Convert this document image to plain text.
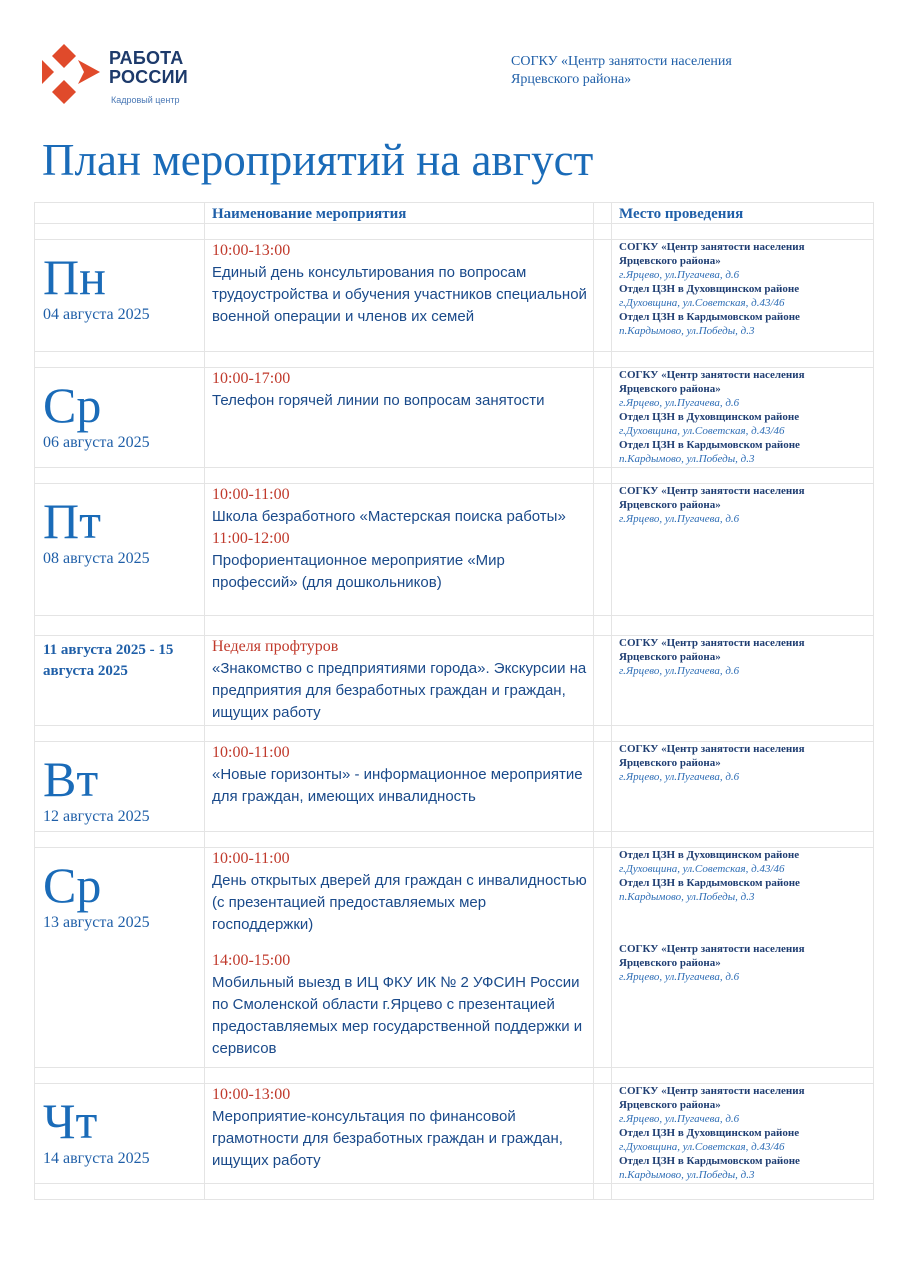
РАБОТА
РОССИИ
Кадровый центр
СОГКУ «Центр занятости населения
Ярцевского района»
План мероприятий на август
Наименование мероприятия	Место проведения
Пн
04 августа 2025
10:00-13:00
Единый день консультирования по вопросам трудоустройства и обучения участников специальной военной операции и членов их семей
СОГКУ «Центр занятости населения
Ярцевского района»
г.Ярцево, ул.Пугачева, д.6
Отдел ЦЗН в Духовщинском районе
г.Духовщина, ул.Советская, д.43/46
Отдел ЦЗН в Кардымовском районе
п.Кардымово, ул.Победы, д.3
Ср
06 августа 2025
10:00-17:00
Телефон горячей линии по вопросам занятости
СОГКУ «Центр занятости населения
Ярцевского района»
г.Ярцево, ул.Пугачева, д.6
Отдел ЦЗН в Духовщинском районе
г.Духовщина, ул.Советская, д.43/46
Отдел ЦЗН в Кардымовском районе
п.Кардымово, ул.Победы, д.3
Пт
08 августа 2025
10:00-11:00
Школа безработного «Мастерская поиска работы»
11:00-12:00
Профориентационное мероприятие «Мир профессий» (для дошкольников)
СОГКУ «Центр занятости населения
Ярцевского района»
г.Ярцево, ул.Пугачева, д.6
11 августа 2025 - 15 августа 2025
Неделя профтуров
«Знакомство с предприятиями города». Экскурсии на предприятия для безработных граждан и граждан, ищущих работу
СОГКУ «Центр занятости населения
Ярцевского района»
г.Ярцево, ул.Пугачева, д.6
Вт
12 августа 2025
10:00-11:00
«Новые горизонты» - информационное мероприятие для граждан, имеющих инвалидность
СОГКУ «Центр занятости населения
Ярцевского района»
г.Ярцево, ул.Пугачева, д.6
Ср
13 августа 2025
10:00-11:00
День открытых дверей для граждан с инвалидностью (с презентацией предоставляемых мер господдержки)
14:00-15:00
Мобильный выезд в ИЦ ФКУ ИК № 2 УФСИН России по Смоленской области г.Ярцево с презентацией предоставляемых мер государственной поддержки и сервисов
Отдел ЦЗН в Духовщинском районе
г.Духовщина, ул.Советская, д.43/46
Отдел ЦЗН в Кардымовском районе
п.Кардымово, ул.Победы, д.3
СОГКУ «Центр занятости населения
Ярцевского района»
г.Ярцево, ул.Пугачева, д.6
Чт
14 августа 2025
10:00-13:00
Мероприятие-консультация по финансовой грамотности для безработных граждан и граждан, ищущих работу
СОГКУ «Центр занятости населения
Ярцевского района»
г.Ярцево, ул.Пугачева, д.6
Отдел ЦЗН в Духовщинском районе
г.Духовщина, ул.Советская, д.43/46
Отдел ЦЗН в Кардымовском районе
п.Кардымово, ул.Победы, д.3
